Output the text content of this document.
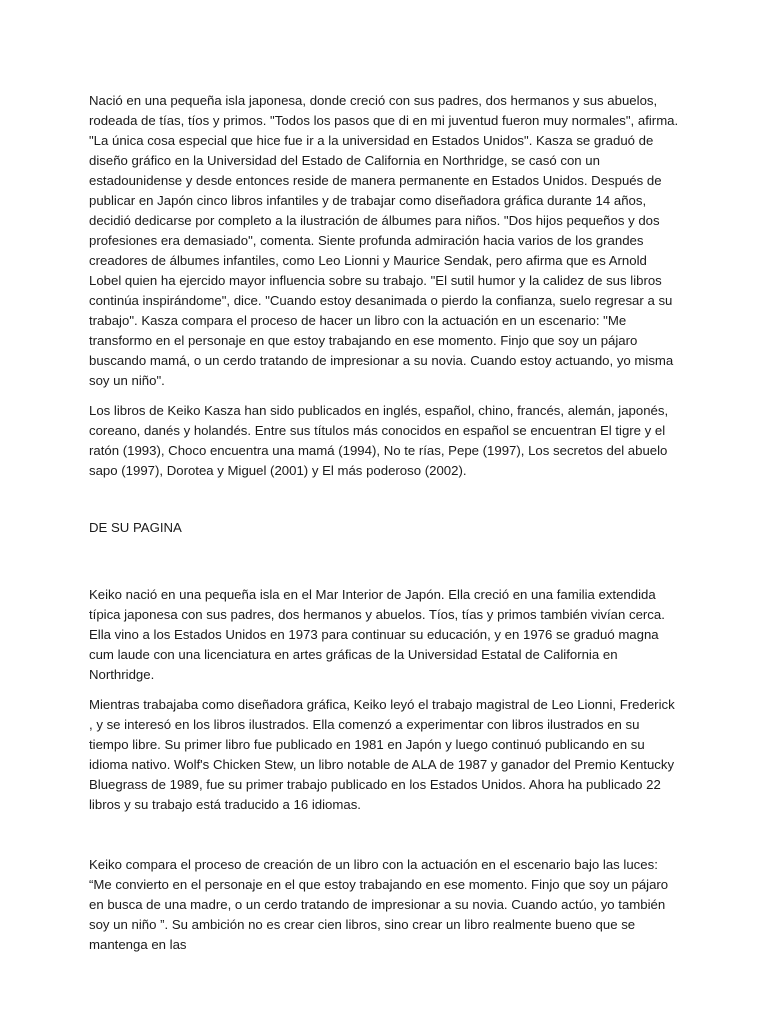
Nació en una pequeña isla japonesa, donde creció con sus padres, dos hermanos y sus abuelos, rodeada de tías, tíos y primos. "Todos los pasos que di en mi juventud fueron muy normales", afirma. "La única cosa especial que hice fue ir a la universidad en Estados Unidos". Kasza se graduó de diseño gráfico en la Universidad del Estado de California en Northridge, se casó con un estadounidense y desde entonces reside de manera permanente en Estados Unidos. Después de publicar en Japón cinco libros infantiles y de trabajar como diseñadora gráfica durante 14 años, decidió dedicarse por completo a la ilustración de álbumes para niños. "Dos hijos pequeños y dos profesiones era demasiado", comenta. Siente profunda admiración hacia varios de los grandes creadores de álbumes infantiles, como Leo Lionni y Maurice Sendak, pero afirma que es Arnold Lobel quien ha ejercido mayor influencia sobre su trabajo. "El sutil humor y la calidez de sus libros continúa inspirándome", dice. "Cuando estoy desanimada o pierdo la confianza, suelo regresar a su trabajo". Kasza compara el proceso de hacer un libro con la actuación en un escenario: "Me transformo en el personaje en que estoy trabajando en ese momento. Finjo que soy un pájaro buscando mamá, o un cerdo tratando de impresionar a su novia. Cuando estoy actuando, yo misma soy un niño".

Los libros de Keiko Kasza han sido publicados en inglés, español, chino, francés, alemán, japonés, coreano, danés y holandés. Entre sus títulos más conocidos en español se encuentran El tigre y el ratón (1993), Choco encuentra una mamá (1994), No te rías, Pepe (1997), Los secretos del abuelo sapo (1997), Dorotea y Miguel (2001) y El más poderoso (2002).

DE SU PAGINA

Keiko nació en una pequeña isla en el Mar Interior de Japón. Ella creció en una familia extendida típica japonesa con sus padres, dos hermanos y abuelos. Tíos, tías y primos también vivían cerca. Ella vino a los Estados Unidos en 1973 para continuar su educación, y en 1976 se graduó magna cum laude con una licenciatura en artes gráficas de la Universidad Estatal de California en Northridge.

Mientras trabajaba como diseñadora gráfica, Keiko leyó el trabajo magistral de Leo Lionni, Frederick , y se interesó en los libros ilustrados. Ella comenzó a experimentar con libros ilustrados en su tiempo libre. Su primer libro fue publicado en 1981 en Japón y luego continuó publicando en su idioma nativo. Wolf's Chicken Stew, un libro notable de ALA de 1987 y ganador del Premio Kentucky Bluegrass de 1989, fue su primer trabajo publicado en los Estados Unidos. Ahora ha publicado 22 libros y su trabajo está traducido a 16 idiomas.

Keiko compara el proceso de creación de un libro con la actuación en el escenario bajo las luces: “Me convierto en el personaje en el que estoy trabajando en ese momento. Finjo que soy un pájaro en busca de una madre, o un cerdo tratando de impresionar a su novia. Cuando actúo, yo también soy un niño ”. Su ambición no es crear cien libros, sino crear un libro realmente bueno que se mantenga en las
